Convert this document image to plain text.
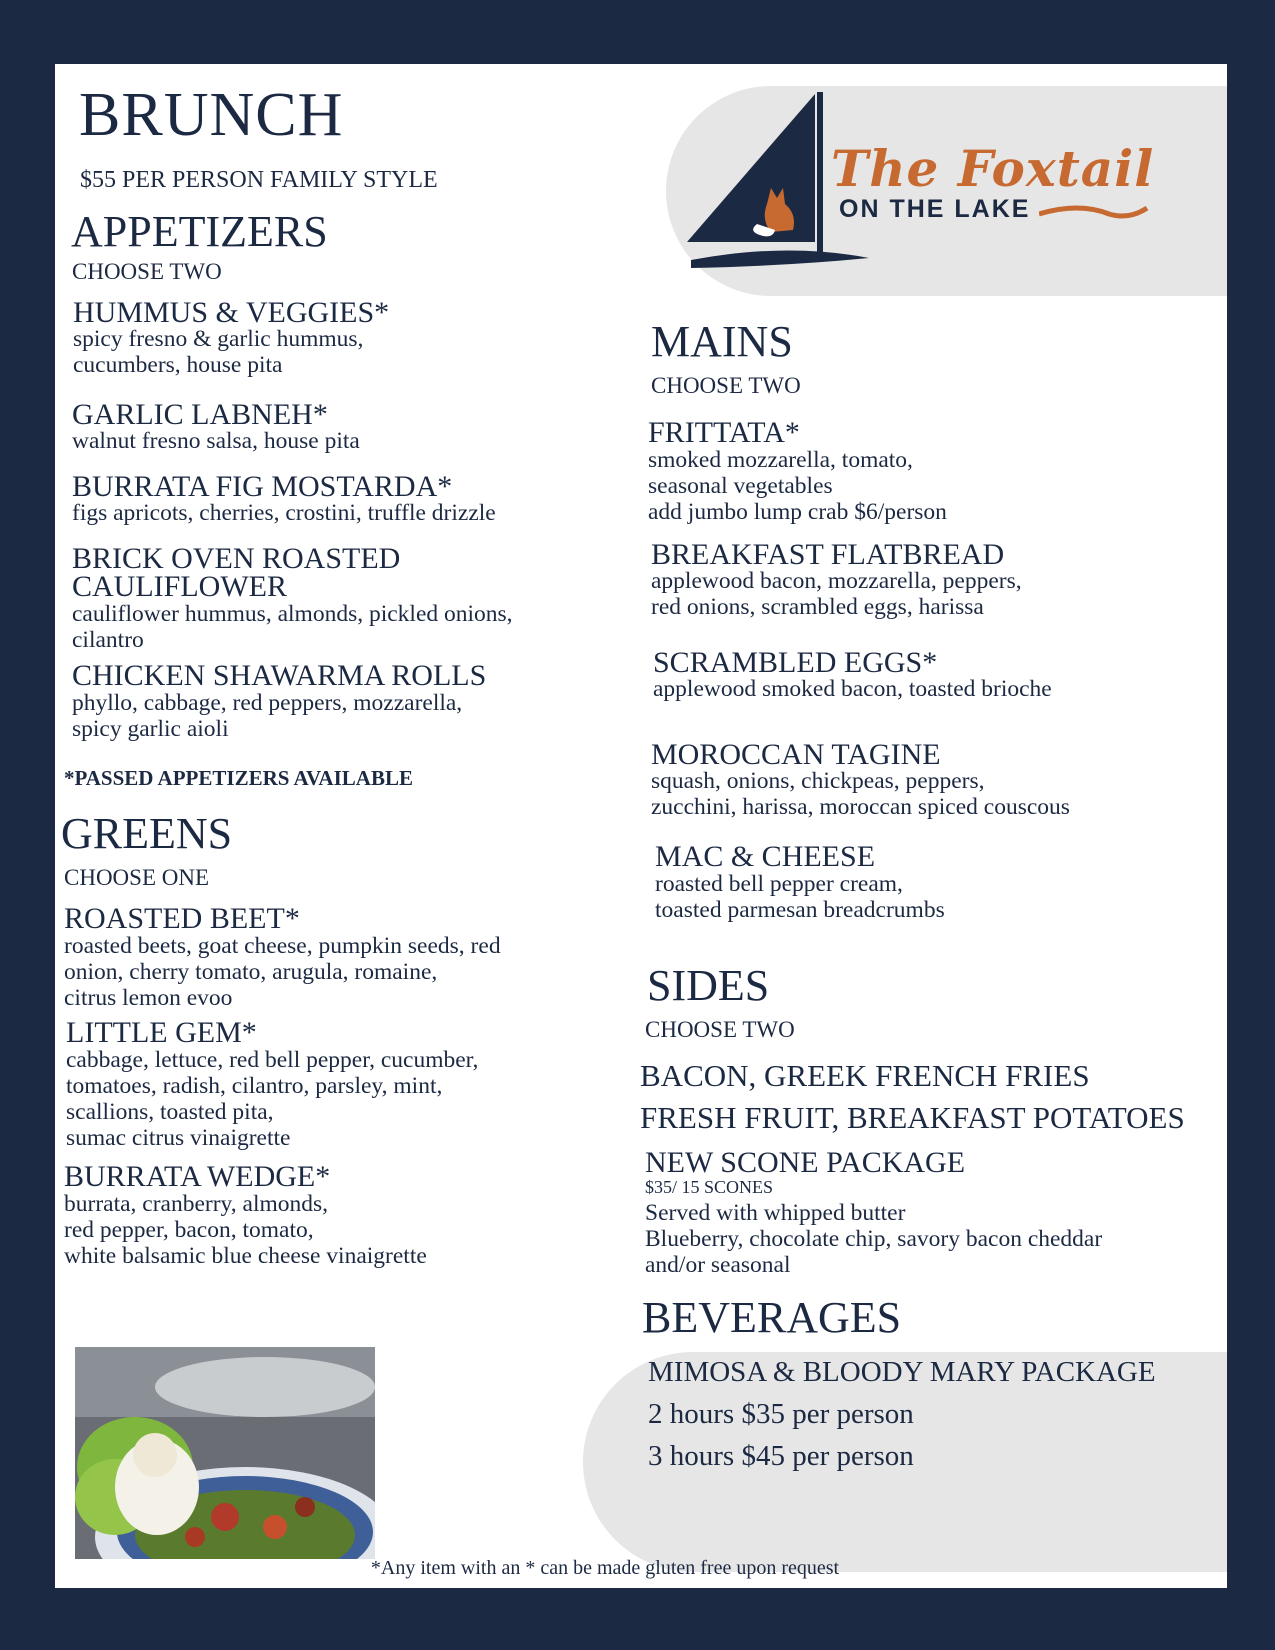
The Foxtail
ON THE LAKE
BRUNCH
$55 PER PERSON FAMILY STYLE
APPETIZERS
CHOOSE TWO
HUMMUS & VEGGIES*
spicy fresno & garlic hummus,
cucumbers, house pita
GARLIC LABNEH*
walnut fresno salsa, house pita
BURRATA FIG MOSTARDA*
figs apricots, cherries, crostini, truffle drizzle
BRICK OVEN ROASTED
CAULIFLOWER
cauliflower hummus, almonds, pickled onions,
cilantro
CHICKEN SHAWARMA ROLLS
phyllo, cabbage, red peppers, mozzarella,
spicy garlic aioli
*PASSED APPETIZERS AVAILABLE
GREENS
CHOOSE ONE
ROASTED BEET*
roasted beets, goat cheese, pumpkin seeds, red
onion, cherry tomato, arugula, romaine,
citrus lemon evoo
LITTLE GEM*
cabbage, lettuce, red bell pepper, cucumber,
tomatoes, radish, cilantro, parsley, mint,
scallions, toasted pita,
sumac citrus vinaigrette
BURRATA WEDGE*
burrata, cranberry, almonds,
red pepper, bacon, tomato,
white balsamic blue cheese vinaigrette
MAINS
CHOOSE TWO
FRITTATA*
smoked mozzarella, tomato,
seasonal vegetables
add jumbo lump crab $6/person
BREAKFAST FLATBREAD
applewood bacon, mozzarella, peppers,
red onions, scrambled eggs, harissa
SCRAMBLED EGGS*
applewood smoked bacon, toasted brioche
MOROCCAN TAGINE
squash, onions, chickpeas, peppers,
zucchini, harissa, moroccan spiced couscous
MAC & CHEESE
roasted bell pepper cream,
toasted parmesan breadcrumbs
SIDES
CHOOSE TWO
BACON, GREEK FRENCH FRIES
FRESH FRUIT, BREAKFAST POTATOES
NEW SCONE PACKAGE
$35/ 15 SCONES
Served with whipped butter
Blueberry, chocolate chip, savory bacon cheddar
and/or seasonal
BEVERAGES
MIMOSA & BLOODY MARY PACKAGE
2 hours $35 per person
3 hours $45 per person
*Any item with an * can be made gluten free upon request
